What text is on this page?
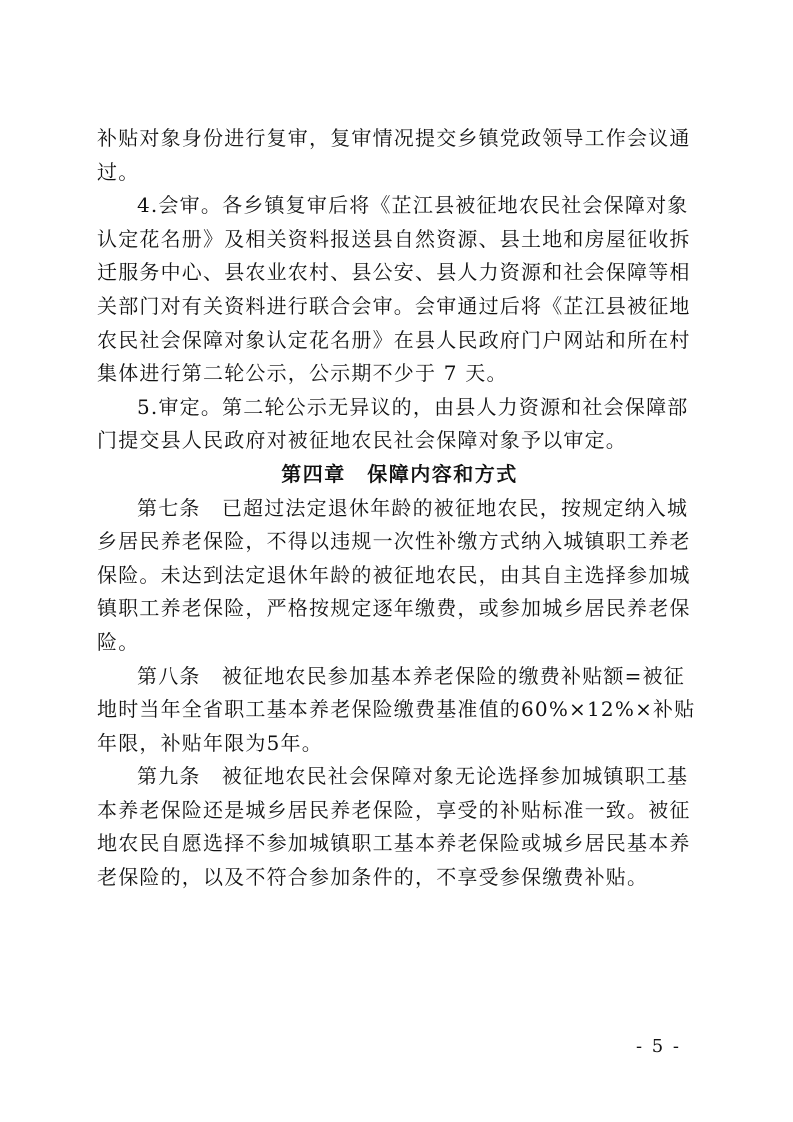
补贴对象身份进行复审，复审情况提交乡镇党政领导工作会议通过。

4.会审。各乡镇复审后将《芷江县被征地农民社会保障对象认定花名册》及相关资料报送县自然资源、县土地和房屋征收拆迁服务中心、县农业农村、县公安、县人力资源和社会保障等相关部门对有关资料进行联合会审。会审通过后将《芷江县被征地农民社会保障对象认定花名册》在县人民政府门户网站和所在村集体进行第二轮公示，公示期不少于 7 天。

5.审定。第二轮公示无异议的，由县人力资源和社会保障部门提交县人民政府对被征地农民社会保障对象予以审定。

第四章　保障内容和方式

第七条　已超过法定退休年龄的被征地农民，按规定纳入城乡居民养老保险，不得以违规一次性补缴方式纳入城镇职工养老保险。未达到法定退休年龄的被征地农民，由其自主选择参加城镇职工养老保险，严格按规定逐年缴费，或参加城乡居民养老保险。

第八条　被征地农民参加基本养老保险的缴费补贴额=被征地时当年全省职工基本养老保险缴费基准值的60%×12%×补贴年限，补贴年限为5年。

第九条　被征地农民社会保障对象无论选择参加城镇职工基本养老保险还是城乡居民养老保险，享受的补贴标准一致。被征地农民自愿选择不参加城镇职工基本养老保险或城乡居民基本养老保险的，以及不符合参加条件的，不享受参保缴费补贴。

- 5 -
